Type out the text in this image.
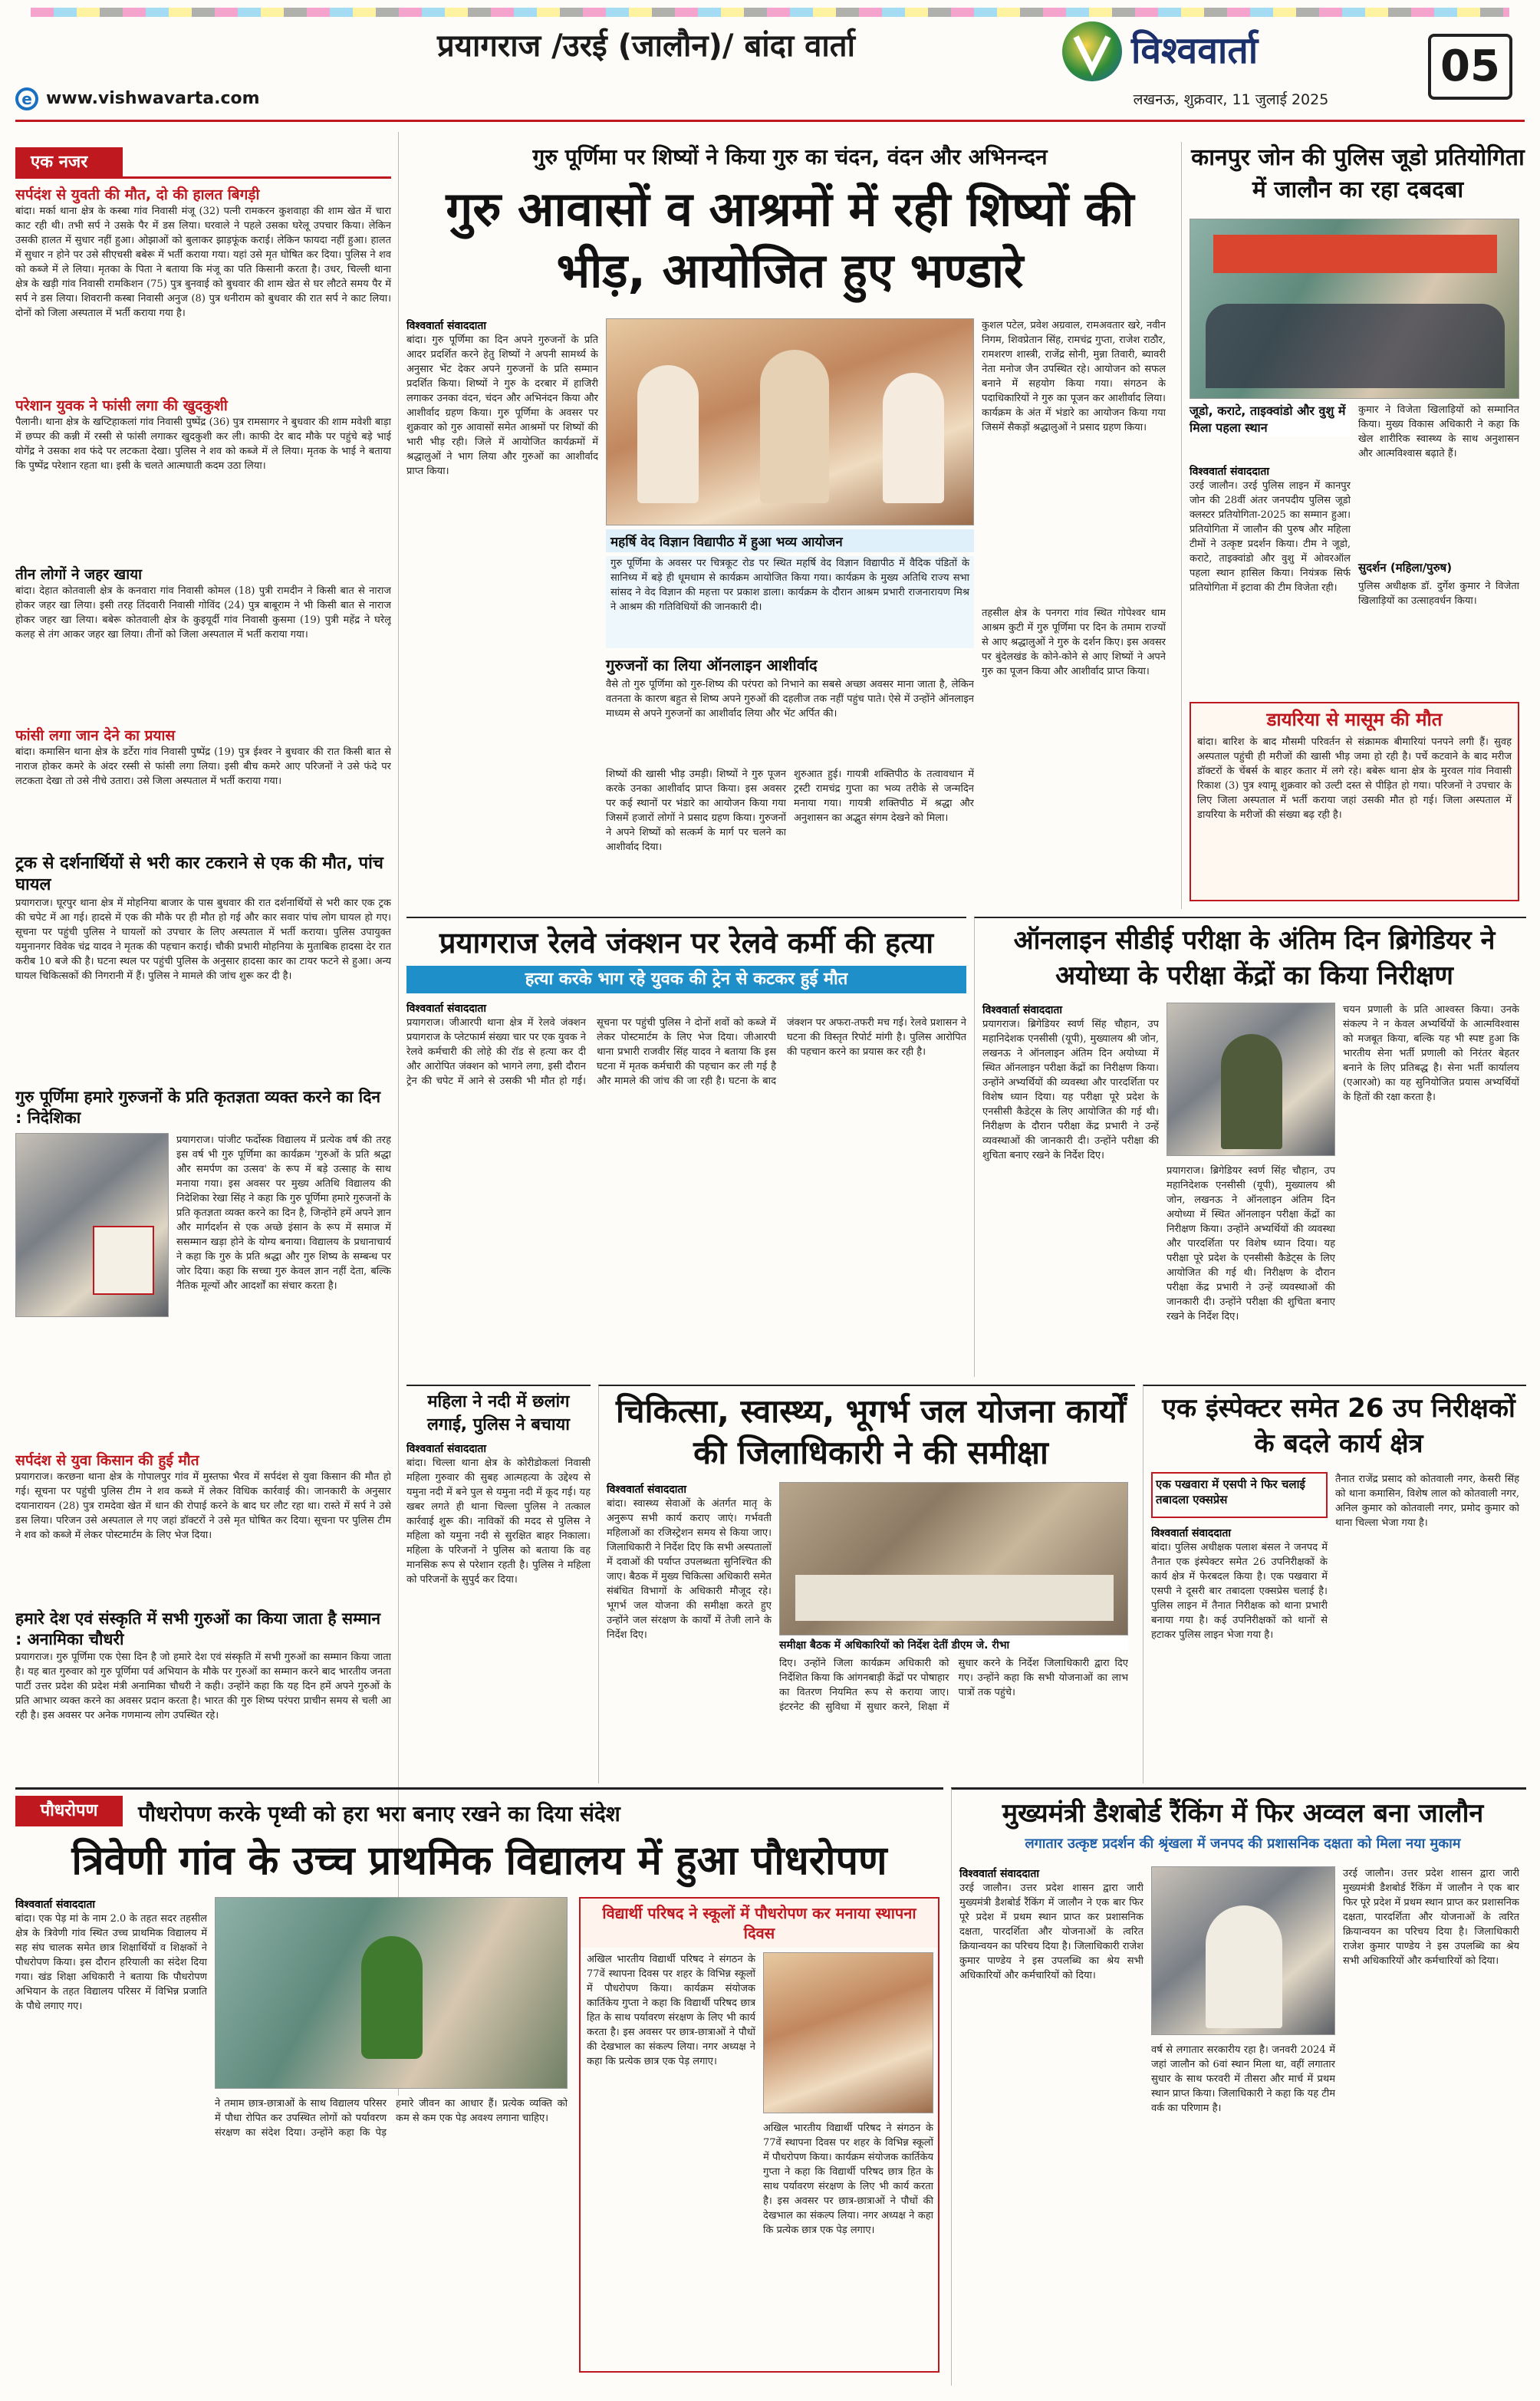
प्रयागराज /उरई (जालौन)/ बांदा वार्ता	विश्ववार्ता
लखनऊ, शुक्रवार, 11 जुलाई 2025
05
e www.vishwavarta.com
एक नजर
सर्पदंश से युवती की मौत, दो की हालत बिगड़ी
बांदा। मर्का थाना क्षेत्र के कस्बा गांव निवासी मंजू (32) पत्नी रामकरन कुशवाहा की शाम खेत में चारा काट रही थी। तभी सर्प ने उसके पैर में डस लिया। घरवाले ने पहले उसका घरेलू उपचार किया। लेकिन उसकी हालत में सुधार नहीं हुआ। ओझाओं को बुलाकर झाड़फूंक कराई। लेकिन फायदा नहीं हुआ। हालत में सुधार न होने पर उसे सीएचसी बबेरू में भर्ती कराया गया। यहां उसे मृत घोषित कर दिया। पुलिस ने शव को कब्जे में ले लिया। मृतका के पिता ने बताया कि मंजू का पति किसानी करता है। उधर, चिल्ली थाना क्षेत्र के खड़ी गांव निवासी रामकिशन (75) पुत्र बुनवाई को बुधवार की शाम खेत से घर लौटते समय पैर में सर्प ने डस लिया। शिवरानी कस्बा निवासी अनुज (8) पुत्र धनीराम को बुधवार की रात सर्प ने काट लिया। दोनों को जिला अस्पताल में भर्ती कराया गया है।
परेशान युवक ने फांसी लगा की खुदकुशी
पैलानी। थाना क्षेत्र के खप्टिहाकलां गांव निवासी पुष्पेंद्र (36) पुत्र रामसागर ने बुधवार की शाम मवेशी बाड़ा में छप्पर की कन्नी में रस्सी से फांसी लगाकर खुदकुशी कर ली। काफी देर बाद मौके पर पहुंचे बड़े भाई योगेंद्र ने उसका शव फंदे पर लटकता देखा। पुलिस ने शव को कब्जे में ले लिया। मृतक के भाई ने बताया कि पुष्पेंद्र परेशान रहता था। इसी के चलते आत्मघाती कदम उठा लिया।
तीन लोगों ने जहर खाया
बांदा। देहात कोतवाली क्षेत्र के कनवारा गांव निवासी कोमल (18) पुत्री रामदीन ने किसी बात से नाराज होकर जहर खा लिया। इसी तरह तिंदवारी निवासी गोविंद (24) पुत्र बाबूराम ने भी किसी बात से नाराज होकर जहर खा लिया। बबेरू कोतवाली क्षेत्र के कुइयूर्दी गांव निवासी कुसमा (19) पुत्री महेंद्र ने घरेलू कलह से तंग आकर जहर खा लिया। तीनों को जिला अस्पताल में भर्ती कराया गया।
फांसी लगा जान देने का प्रयास
बांदा। कमासिन थाना क्षेत्र के डर्टेरा गांव निवासी पुष्पेंद्र (19) पुत्र ईश्वर ने बुधवार की रात किसी बात से नाराज होकर कमरे के अंदर रस्सी से फांसी लगा लिया। इसी बीच कमरे आए परिजनों ने उसे फंदे पर लटकता देखा तो उसे नीचे उतारा। उसे जिला अस्पताल में भर्ती कराया गया।
ट्रक से दर्शनार्थियों से भरी कार टकराने से एक की मौत, पांच घायल
प्रयागराज। घूरपुर थाना क्षेत्र में मोहनिया बाजार के पास बुधवार की रात दर्शनार्थियों से भरी कार एक ट्रक की चपेट में आ गई। हादसे में एक की मौके पर ही मौत हो गई और कार सवार पांच लोग घायल हो गए। सूचना पर पहुंची पुलिस ने घायलों को उपचार के लिए अस्पताल में भर्ती कराया। पुलिस उपायुक्त यमुनानगर विवेक चंद्र यादव ने मृतक की पहचान कराई। चौकी प्रभारी मोहनिया के मुताबिक हादसा देर रात करीब 10 बजे की है। घटना स्थल पर पहुंची पुलिस के अनुसार हादसा कार का टायर फटने से हुआ। अन्य घायल चिकित्सकों की निगरानी में हैं। पुलिस ने मामले की जांच शुरू कर दी है।
गुरु पूर्णिमा हमारे गुरुजनों के प्रति कृतज्ञता व्यक्त करने का दिन : निदेशिका
प्रयागराज। पांजीट फर्दोस्क विद्यालय में प्रत्येक वर्ष की तरह इस वर्ष भी गुरु पूर्णिमा का कार्यक्रम 'गुरुओं के प्रति श्रद्धा और समर्पण का उत्सव' के रूप में बड़े उत्साह के साथ मनाया गया। इस अवसर पर मुख्य अतिथि विद्यालय की निदेशिका रेखा सिंह ने कहा कि गुरु पूर्णिमा हमारे गुरुजनों के प्रति कृतज्ञता व्यक्त करने का दिन है, जिन्होंने हमें अपने ज्ञान और मार्गदर्शन से एक अच्छे इंसान के रूप में समाज में ससम्मान खड़ा होने के योग्य बनाया। विद्यालय के प्रधानाचार्य ने कहा कि गुरु के प्रति श्रद्धा और गुरु शिष्य के सम्बन्ध पर जोर दिया। कहा कि सच्चा गुरु केवल ज्ञान नहीं देता, बल्कि नैतिक मूल्यों और आदर्शों का संचार करता है।
सर्पदंश से युवा किसान की हुई मौत
प्रयागराज। करछना थाना क्षेत्र के गोपालपुर गांव में मुस्तफा भैरव में सर्पदंश से युवा किसान की मौत हो गई। सूचना पर पहुंची पुलिस टीम ने शव कब्जे में लेकर विधिक कार्रवाई की। जानकारी के अनुसार दयानारायन (28) पुत्र रामदेवा खेत में धान की रोपाई करने के बाद घर लौट रहा था। रास्ते में सर्प ने उसे डस लिया। परिजन उसे अस्पताल ले गए जहां डॉक्टरों ने उसे मृत घोषित कर दिया। सूचना पर पुलिस टीम ने शव को कब्जे में लेकर पोस्टमार्टम के लिए भेज दिया।
हमारे देश एवं संस्कृति में सभी गुरुओं का किया जाता है सम्मान : अनामिका चौधरी
प्रयागराज। गुरु पूर्णिमा एक ऐसा दिन है जो हमारे देश एवं संस्कृति में सभी गुरुओं का सम्मान किया जाता है। यह बात गुरुवार को गुरु पूर्णिमा पर्व अभियान के मौके पर गुरुओं का सम्मान करने बाद भारतीय जनता पार्टी उत्तर प्रदेश की प्रदेश मंत्री अनामिका चौधरी ने कही। उन्होंने कहा कि यह दिन हमें अपने गुरुओं के प्रति आभार व्यक्त करने का अवसर प्रदान करता है। भारत की गुरु शिष्य परंपरा प्राचीन समय से चली आ रही है। इस अवसर पर अनेक गणमान्य लोग उपस्थित रहे।
गुरु पूर्णिमा पर शिष्यों ने किया गुरु का चंदन, वंदन और अभिनन्दन
गुरु आवासों व आश्रमों में रही शिष्यों की भीड़, आयोजित हुए भण्डारे
विश्ववार्ता संवाददाता
बांदा। गुरु पूर्णिमा का दिन अपने गुरुजनों के प्रति आदर प्रदर्शित करने हेतु शिष्यों ने अपनी सामर्थ्य के अनुसार भेंट देकर अपने गुरुजनों के प्रति सम्मान प्रदर्शित किया। शिष्यों ने गुरु के दरबार में हाजिरी लगाकर उनका वंदन, चंदन और अभिनंदन किया और आशीर्वाद ग्रहण किया। गुरु पूर्णिमा के अवसर पर शुक्रवार को गुरु आवासों समेत आश्रमों पर शिष्यों की भारी भीड़ रही। जिले में आयोजित कार्यक्रमों में श्रद्धालुओं ने भाग लिया और गुरुओं का आशीर्वाद प्राप्त किया।
महर्षि वेद विज्ञान विद्यापीठ में हुआ भव्य आयोजन
गुरु पूर्णिमा के अवसर पर चित्रकूट रोड पर स्थित महर्षि वेद विज्ञान विद्यापीठ में वैदिक पंडितों के सानिध्य में बड़े ही धूमधाम से कार्यक्रम आयोजित किया गया। कार्यक्रम के मुख्य अतिथि राज्य सभा सांसद ने वेद विज्ञान की महत्ता पर प्रकाश डाला। कार्यक्रम के दौरान आश्रम प्रभारी राजनारायण मिश्र ने आश्रम की गतिविधियों की जानकारी दी।
गुरुजनों का लिया ऑनलाइन आशीर्वाद
वैसे तो गुरु पूर्णिमा को गुरु-शिष्य की परंपरा को निभाने का सबसे अच्छा अवसर माना जाता है, लेकिन वतनता के कारण बहुत से शिष्य अपने गुरुओं की दहलीज तक नहीं पहुंच पाते। ऐसे में उन्होंने ऑनलाइन माध्यम से अपने गुरुजनों का आशीर्वाद लिया और भेंट अर्पित की।
शिष्यों की खासी भीड़ उमड़ी। शिष्यों ने गुरु पूजन करके उनका आशीर्वाद प्राप्त किया। इस अवसर पर कई स्थानों पर भंडारे का आयोजन किया गया जिसमें हजारों लोगों ने प्रसाद ग्रहण किया। गुरुजनों ने अपने शिष्यों को सत्कर्म के मार्ग पर चलने का आशीर्वाद दिया।
शुरुआत हुई। गायत्री शक्तिपीठ के तत्वावधान में ट्रस्टी रामचंद्र गुप्ता का भव्य तरीके से जन्मदिन मनाया गया। गायत्री शक्तिपीठ में श्रद्धा और अनुशासन का अद्भुत संगम देखने को मिला।
कुशल पटेल, प्रवेश अग्रवाल, रामअवतार खरे, नवीन निगम, शिवप्रेतान सिंह, रामचंद्र गुप्ता, राजेश राठौर, रामशरण शास्त्री, राजेंद्र सोनी, मुन्ना तिवारी, ब्यावरी नेता मनोज जैन उपस्थित रहे। आयोजन को सफल बनाने में सहयोग किया गया। संगठन के पदाधिकारियों ने गुरु का पूजन कर आशीर्वाद लिया। कार्यक्रम के अंत में भंडारे का आयोजन किया गया जिसमें सैकड़ों श्रद्धालुओं ने प्रसाद ग्रहण किया।
तहसील क्षेत्र के पनगरा गांव स्थित गोपेश्वर धाम आश्रम कुटी में गुरु पूर्णिमा पर दिन के तमाम राज्यों से आए श्रद्धालुओं ने गुरु के दर्शन किए। इस अवसर पर बुंदेलखंड के कोने-कोने से आए शिष्यों ने अपने गुरु का पूजन किया और आशीर्वाद प्राप्त किया।
कानपुर जोन की पुलिस जूडो प्रतियोगिता में जालौन का रहा दबदबा
जूडो, कराटे, ताइक्वांडो और वुशु में मिला पहला स्थान
विश्ववार्ता संवाददाता
उरई जालौन। उरई पुलिस लाइन में कानपुर जोन की 28वीं अंतर जनपदीय पुलिस जूडो क्लस्टर प्रतियोगिता-2025 का सम्मान हुआ। प्रतियोगिता में जालौन की पुरुष और महिला टीमों ने उत्कृष्ट प्रदर्शन किया। टीम ने जूडो, कराटे, ताइक्वांडो और वुशु में ओवरऑल पहला स्थान हासिल किया। नियंत्रक सिर्फ प्रतियोगिता में इटावा की टीम विजेता रही।
कुमार ने विजेता खिलाड़ियों को सम्मानित किया। मुख्य विकास अधिकारी ने कहा कि खेल शारीरिक स्वास्थ्य के साथ अनुशासन और आत्मविश्वास बढ़ाते हैं।
सुदर्शन (महिला/पुरुष)
पुलिस अधीक्षक डॉ. दुर्गेश कुमार ने विजेता खिलाड़ियों का उत्साहवर्धन किया।
डायरिया से मासूम की मौत
बांदा। बारिश के बाद मौसमी परिवर्तन से संक्रामक बीमारियां पनपने लगी हैं। सुवह अस्पताल पहुंची ही मरीजों की खासी भीड़ जमा हो रही है। पर्चे कटवाने के बाद मरीज डॉक्टरों के चेंबर्स के बाहर कतार में लगे रहे। बबेरू थाना क्षेत्र के मुरवल गांव निवासी रिकाश (3) पुत्र श्यामू शुक्रवार को उल्टी दस्त से पीड़ित हो गया। परिजनों ने उपचार के लिए जिला अस्पताल में भर्ती कराया जहां उसकी मौत हो गई। जिला अस्पताल में डायरिया के मरीजों की संख्या बढ़ रही है।
प्रयागराज रेलवे जंक्शन पर रेलवे कर्मी की हत्या
हत्या करके भाग रहे युवक की ट्रेन से कटकर हुई मौत
विश्ववार्ता संवाददाता
प्रयागराज। जीआरपी थाना क्षेत्र में रेलवे जंक्शन प्रयागराज के प्लेटफार्म संख्या चार पर एक युवक ने रेलवे कर्मचारी की लोहे की रॉड से हत्या कर दी और आरोपित जंक्शन को भागने लगा, इसी दौरान ट्रेन की चपेट में आने से उसकी भी मौत हो गई। सूचना पर पहुंची पुलिस ने दोनों शवों को कब्जे में लेकर पोस्टमार्टम के लिए भेज दिया। जीआरपी थाना प्रभारी राजवीर सिंह यादव ने बताया कि इस घटना में मृतक कर्मचारी की पहचान कर ली गई है और मामले की जांच की जा रही है। घटना के बाद जंक्शन पर अफरा-तफरी मच गई। रेलवे प्रशासन ने घटना की विस्तृत रिपोर्ट मांगी है। पुलिस आरोपित की पहचान करने का प्रयास कर रही है।
ऑनलाइन सीडीई परीक्षा के अंतिम दिन ब्रिगेडियर ने अयोध्या के परीक्षा केंद्रों का किया निरीक्षण
विश्ववार्ता संवाददाता
प्रयागराज। ब्रिगेडियर स्वर्ण सिंह चौहान, उप महानिदेशक एनसीसी (यूपी), मुख्यालय श्री जोन, लखनऊ ने ऑनलाइन अंतिम दिन अयोध्या में स्थित ऑनलाइन परीक्षा केंद्रों का निरीक्षण किया। उन्होंने अभ्यर्थियों की व्यवस्था और पारदर्शिता पर विशेष ध्यान दिया। यह परीक्षा पूरे प्रदेश के एनसीसी कैडेट्स के लिए आयोजित की गई थी। निरीक्षण के दौरान परीक्षा केंद्र प्रभारी ने उन्हें व्यवस्थाओं की जानकारी दी। उन्होंने परीक्षा की शुचिता बनाए रखने के निर्देश दिए।
चयन प्रणाली के प्रति आश्वस्त किया। उनके संकल्प ने न केवल अभ्यर्थियों के आत्मविश्वास को मजबूत किया, बल्कि यह भी स्पष्ट हुआ कि भारतीय सेना भर्ती प्रणाली को निरंतर बेहतर बनाने के लिए प्रतिबद्ध है। सेना भर्ती कार्यालय (एआरओ) का यह सुनियोजित प्रयास अभ्यर्थियों के हितों की रक्षा करता है।
प्रयागराज। ब्रिगेडियर स्वर्ण सिंह चौहान, उप महानिदेशक एनसीसी (यूपी), मुख्यालय श्री जोन, लखनऊ ने ऑनलाइन अंतिम दिन अयोध्या में स्थित ऑनलाइन परीक्षा केंद्रों का निरीक्षण किया। उन्होंने अभ्यर्थियों की व्यवस्था और पारदर्शिता पर विशेष ध्यान दिया। यह परीक्षा पूरे प्रदेश के एनसीसी कैडेट्स के लिए आयोजित की गई थी। निरीक्षण के दौरान परीक्षा केंद्र प्रभारी ने उन्हें व्यवस्थाओं की जानकारी दी। उन्होंने परीक्षा की शुचिता बनाए रखने के निर्देश दिए।
महिला ने नदी में छलांग लगाई, पुलिस ने बचाया
विश्ववार्ता संवाददाता
बांदा। चिल्ला थाना क्षेत्र के कोरीडोकलां निवासी महिला गुरुवार की सुबह आत्महत्या के उद्देश्य से यमुना नदी में बने पुल से यमुना नदी में कूद गई। यह खबर लगते ही थाना चिल्ला पुलिस ने तत्काल कार्रवाई शुरू की। नाविकों की मदद से पुलिस ने महिला को यमुना नदी से सुरक्षित बाहर निकाला। महिला के परिजनों ने पुलिस को बताया कि वह मानसिक रूप से परेशान रहती है। पुलिस ने महिला को परिजनों के सुपुर्द कर दिया।
चिकित्सा, स्वास्थ्य, भूगर्भ जल योजना कार्यों की जिलाधिकारी ने की समीक्षा
विश्ववार्ता संवाददाता
बांदा। स्वास्थ्य सेवाओं के अंतर्गत मातृ के अनुरूप सभी कार्य कराए जाएं। गर्भवती महिलाओं का रजिस्ट्रेशन समय से किया जाए। जिलाधिकारी ने निर्देश दिए कि सभी अस्पतालों में दवाओं की पर्याप्त उपलब्धता सुनिश्चित की जाए। बैठक में मुख्य चिकित्सा अधिकारी समेत संबंधित विभागों के अधिकारी मौजूद रहे। भूगर्भ जल योजना की समीक्षा करते हुए उन्होंने जल संरक्षण के कार्यों में तेजी लाने के निर्देश दिए।
समीक्षा बैठक में अधिकारियों को निर्देश देतीं डीएम जे. रीभा
दिए। उन्होंने जिला कार्यक्रम अधिकारी को निर्देशित किया कि आंगनबाड़ी केंद्रों पर पोषाहार का वितरण नियमित रूप से कराया जाए। इंटरनेट की सुविधा में सुधार करने, शिक्षा में सुधार करने के निर्देश जिलाधिकारी द्वारा दिए गए। उन्होंने कहा कि सभी योजनाओं का लाभ पात्रों तक पहुंचे।
एक इंस्पेक्टर समेत 26 उप निरीक्षकों के बदले कार्य क्षेत्र
एक पखवारा में एसपी ने फिर चलाई तबादला एक्सप्रेस
विश्ववार्ता संवाददाता
बांदा। पुलिस अधीक्षक पलाश बंसल ने जनपद में तैनात एक इंस्पेक्टर समेत 26 उपनिरीक्षकों के कार्य क्षेत्र में फेरबदल किया है। एक पखवारा में एसपी ने दूसरी बार तबादला एक्सप्रेस चलाई है। पुलिस लाइन में तैनात निरीक्षक को थाना प्रभारी बनाया गया है। कई उपनिरीक्षकों को थानों से हटाकर पुलिस लाइन भेजा गया है।
तैनात राजेंद्र प्रसाद को कोतवाली नगर, केसरी सिंह को थाना कमासिन, विशेष लाल को कोतवाली नगर, अनिल कुमार को कोतवाली नगर, प्रमोद कुमार को थाना चिल्ला भेजा गया है।
पौधरोपण	पौधरोपण करके पृथ्वी को हरा भरा बनाए रखने का दिया संदेश
त्रिवेणी गांव के उच्च प्राथमिक विद्यालय में हुआ पौधरोपण
विश्ववार्ता संवाददाता
बांदा। एक पेड़ मां के नाम 2.0 के तहत सदर तहसील क्षेत्र के त्रिवेणी गांव स्थित उच्च प्राथमिक विद्यालय में सह संघ चालक समेत छात्र शिक्षार्थियों व शिक्षकों ने पौधरोपण किया। इस दौरान हरियाली का संदेश दिया गया। खंड शिक्षा अधिकारी ने बताया कि पौधरोपण अभियान के तहत विद्यालय परिसर में विभिन्न प्रजाति के पौधे लगाए गए।
ने तमाम छात्र-छात्राओं के साथ विद्यालय परिसर में पौधा रोपित कर उपस्थित लोगों को पर्यावरण संरक्षण का संदेश दिया। उन्होंने कहा कि पेड़ हमारे जीवन का आधार हैं। प्रत्येक व्यक्ति को कम से कम एक पेड़ अवश्य लगाना चाहिए।
विद्यार्थी परिषद ने स्कूलों में पौधरोपण कर मनाया स्थापना दिवस
अखिल भारतीय विद्यार्थी परिषद ने संगठन के 77वें स्थापना दिवस पर शहर के विभिन्न स्कूलों में पौधरोपण किया। कार्यक्रम संयोजक कार्तिकेय गुप्ता ने कहा कि विद्यार्थी परिषद छात्र हित के साथ पर्यावरण संरक्षण के लिए भी कार्य करता है। इस अवसर पर छात्र-छात्राओं ने पौधों की देखभाल का संकल्प लिया। नगर अध्यक्ष ने कहा कि प्रत्येक छात्र एक पेड़ लगाए।
अखिल भारतीय विद्यार्थी परिषद ने संगठन के 77वें स्थापना दिवस पर शहर के विभिन्न स्कूलों में पौधरोपण किया। कार्यक्रम संयोजक कार्तिकेय गुप्ता ने कहा कि विद्यार्थी परिषद छात्र हित के साथ पर्यावरण संरक्षण के लिए भी कार्य करता है। इस अवसर पर छात्र-छात्राओं ने पौधों की देखभाल का संकल्प लिया। नगर अध्यक्ष ने कहा कि प्रत्येक छात्र एक पेड़ लगाए।
मुख्यमंत्री डैशबोर्ड रैंकिंग में फिर अव्वल बना जालौन
लगातार उत्कृष्ट प्रदर्शन की श्रृंखला में जनपद की प्रशासनिक दक्षता को मिला नया मुकाम
विश्ववार्ता संवाददाता
उरई जालौन। उत्तर प्रदेश शासन द्वारा जारी मुख्यमंत्री डैशबोर्ड रैंकिंग में जालौन ने एक बार फिर पूरे प्रदेश में प्रथम स्थान प्राप्त कर प्रशासनिक दक्षता, पारदर्शिता और योजनाओं के त्वरित क्रियान्वयन का परिचय दिया है। जिलाधिकारी राजेश कुमार पाण्डेय ने इस उपलब्धि का श्रेय सभी अधिकारियों और कर्मचारियों को दिया।
वर्ष से लगातार सरकारीय रहा है। जनवरी 2024 में जहां जालौन को 6वां स्थान मिला था, वहीं लगातार सुधार के साथ फरवरी में तीसरा और मार्च में प्रथम स्थान प्राप्त किया। जिलाधिकारी ने कहा कि यह टीम वर्क का परिणाम है।
उरई जालौन। उत्तर प्रदेश शासन द्वारा जारी मुख्यमंत्री डैशबोर्ड रैंकिंग में जालौन ने एक बार फिर पूरे प्रदेश में प्रथम स्थान प्राप्त कर प्रशासनिक दक्षता, पारदर्शिता और योजनाओं के त्वरित क्रियान्वयन का परिचय दिया है। जिलाधिकारी राजेश कुमार पाण्डेय ने इस उपलब्धि का श्रेय सभी अधिकारियों और कर्मचारियों को दिया।
